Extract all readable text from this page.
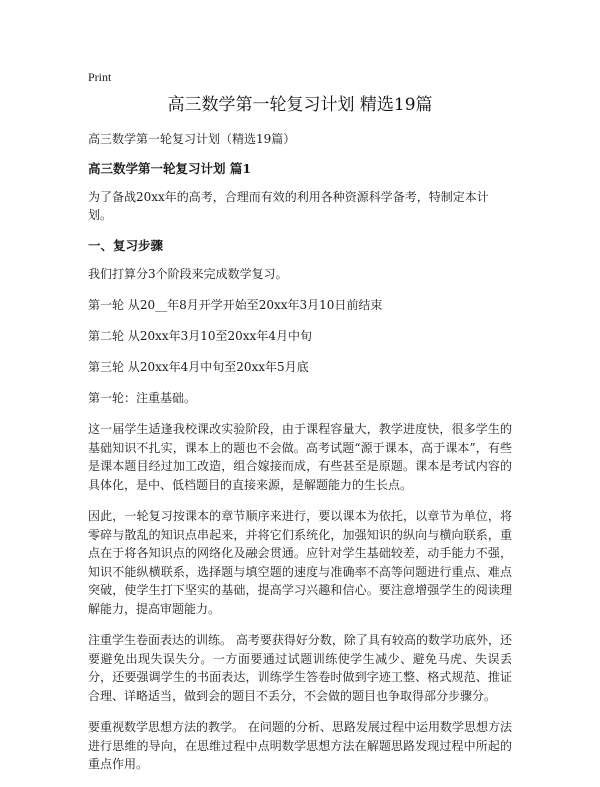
Print
高三数学第一轮复习计划 精选19篇

高三数学第一轮复习计划（精选19篇）

高三数学第一轮复习计划 篇1

为了备战20xx年的高考，合理而有效的利用各种资源科学备考，特制定本计划。

一、复习步骤

我们打算分3个阶段来完成数学复习。

第一轮 从20__年8月开学开始至20xx年3月10日前结束

第二轮 从20xx年3月10至20xx年4月中旬

第三轮 从20xx年4月中旬至20xx年5月底

第一轮：注重基础。

这一届学生适逢我校课改实验阶段，由于课程容量大，教学进度快，很多学生的基础知识不扎实，课本上的题也不会做。高考试题“源于课本，高于课本”，有些是课本题目经过加工改造，组合嫁接而成，有些甚至是原题。课本是考试内容的具体化，是中、低档题目的直接来源，是解题能力的生长点。

因此，一轮复习按课本的章节顺序来进行，要以课本为依托，以章节为单位，将零碎与散乱的知识点串起来，并将它们系统化，加强知识的纵向与横向联系，重点在于将各知识点的网络化及融会贯通。应针对学生基础较差，动手能力不强，知识不能纵横联系，选择题与填空题的速度与准确率不高等问题进行重点、难点突破，使学生打下坚实的基础，提高学习兴趣和信心。要注意增强学生的阅读理解能力，提高审题能力。

注重学生卷面表达的训练。 高考要获得好分数，除了具有较高的数学功底外，还要避免出现失误失分。一方面要通过试题训练使学生减少、避免马虎、失误丢分，还要强调学生的书面表达，训练学生答卷时做到字迹工整、格式规范、推证合理、详略适当，做到会的题目不丢分，不会做的题目也争取得部分步骤分。

要重视数学思想方法的教学。 在问题的分析、思路发展过程中运用数学思想方法进行思维的导向，在思维过程中点明数学思想方法在解题思路发现过程中所起的重点作用。
